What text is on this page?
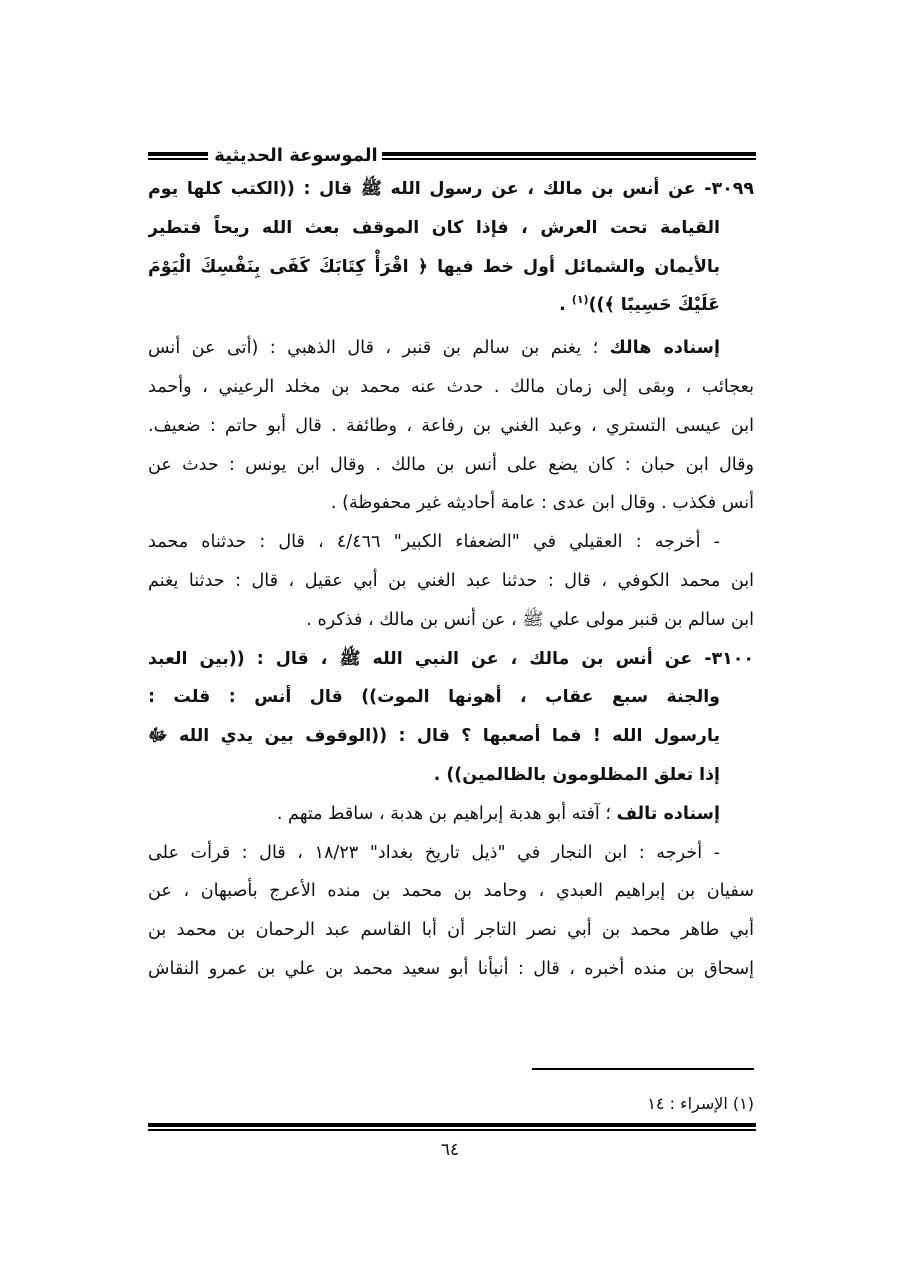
الموسوعة الحديثية
٣٠٩٩- عن أنس بن مالك ، عن رسول الله ﷺ قال : ((الكتب كلها يوم
القيامة تحت العرش ، فإذا كان الموقف بعث الله ريحاً فتطير
بالأيمان والشمائل أول خط فيها ﴿ اقْرَأْ كِتَابَكَ كَفَى بِنَفْسِكَ الْيَوْمَ
عَلَيْكَ حَسِيبًا ﴾))$^{(١)}$ .
إسناده هالك ؛ يغنم بن سالم بن قنبر ، قال الذهبي : (أتى عن أنس
بعجائب ، وبقى إلى زمان مالك . حدث عنه محمد بن مخلد الرعيني ، وأحمد
ابن عيسى التستري ، وعبد الغني بن رفاعة ، وطائفة . قال أبو حاتم : ضعيف.
وقال ابن حبان : كان يضع على أنس بن مالك . وقال ابن يونس : حدث عن
أنس فكذب . وقال ابن عدى : عامة أحاديثه غير محفوظة) .
- أخرجه : العقيلي في "الضعفاء الكبير" ٤/٤٦٦ ، قال : حدثناه محمد
ابن محمد الكوفي ، قال : حدثنا عبد الغني بن أبي عقيل ، قال : حدثنا يغنم
ابن سالم بن قنبر مولى علي ﷺ ، عن أنس بن مالك ، فذكره .
٣١٠٠- عن أنس بن مالك ، عن النبي الله ﷺ ، قال : ((بين العبد
والجنة سبع عقاب ، أهونها الموت)) قال أنس : قلت :
يارسول الله ! فما أصعبها ؟ قال : ((الوقوف بين يدي الله ﷻ
إذا تعلق المظلومون بالظالمين)) .
إسناده تالف ؛ آفته أبو هدبة إبراهيم بن هدبة ، ساقط متهم .
- أخرجه : ابن النجار في "ذيل تاريخ بغداد" ١٨/٢٣ ، قال : قرأت على
سفيان بن إبراهيم العبدي ، وحامد بن محمد بن منده الأعرج بأصبهان ، عن
أبي طاهر محمد بن أبي نصر التاجر أن أبا القاسم عبد الرحمان بن محمد بن
إسحاق بن منده أخبره ، قال : أنبأنا أبو سعيد محمد بن علي بن عمرو النقاش
(١) الإسراء : ١٤
٦٤
